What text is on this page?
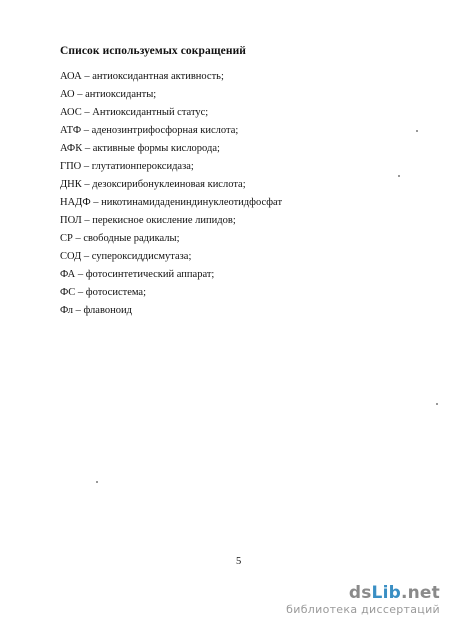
Список используемых сокращений
АОА – антиоксидантная активность;
АО – антиоксиданты;
АОС – Антиоксидантный статус;
АТФ – аденозинтрифосфорная кислота;
АФК – активные формы кислорода;
ГПО – глутатионпероксидаза;
ДНК – дезоксирибонуклеиновая кислота;
НАДФ – никотинамидадениндинуклеотидфосфат
ПОЛ – перекисное окисление липидов;
СР – свободные радикалы;
СОД – супероксиддисмутаза;
ФА – фотосинтетический аппарат;
ФС – фотосистема;
Фл – флавоноид
5
dsLib.net
библиотека диссертаций
